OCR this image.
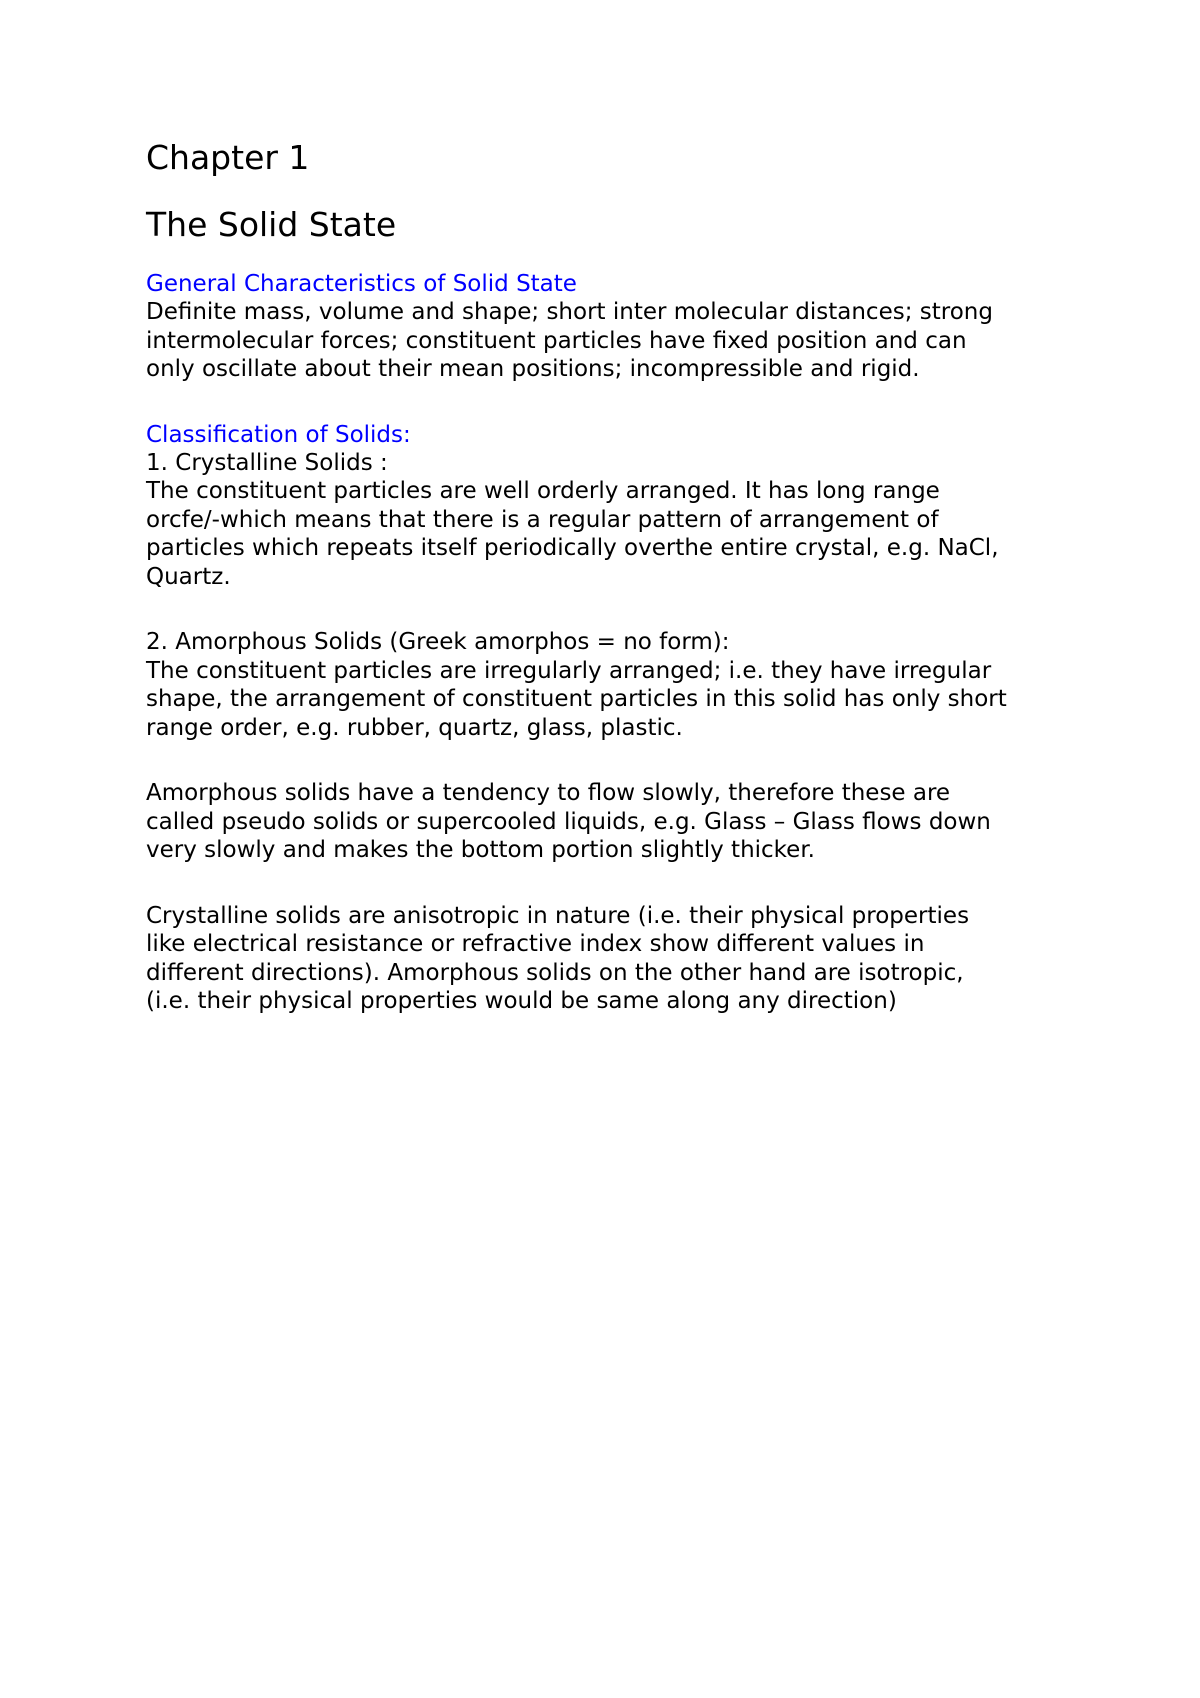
Chapter 1
The Solid State
General Characteristics of Solid State
Definite mass, volume and shape; short inter molecular distances; strong
intermolecular forces; constituent particles have fixed position and can
only oscillate about their mean positions; incompressible and rigid.
Classification of Solids:
1. Crystalline Solids :
The constituent particles are well orderly arranged. It has long range
orcfe/-which means that there is a regular pattern of arrangement of
particles which repeats itself periodically overthe entire crystal, e.g. NaCl,
Quartz.
2. Amorphous Solids (Greek amorphos = no form):
The constituent particles are irregularly arranged; i.e. they have irregular
shape, the arrangement of constituent particles in this solid has only short
range order, e.g. rubber, quartz, glass, plastic.
Amorphous solids have a tendency to flow slowly, therefore these are
called pseudo solids or supercooled liquids, e.g. Glass – Glass flows down
very slowly and makes the bottom portion slightly thicker.
Crystalline solids are anisotropic in nature (i.e. their physical properties
like electrical resistance or refractive index show different values in
different directions). Amorphous solids on the other hand are isotropic,
(i.e. their physical properties would be same along any direction)
